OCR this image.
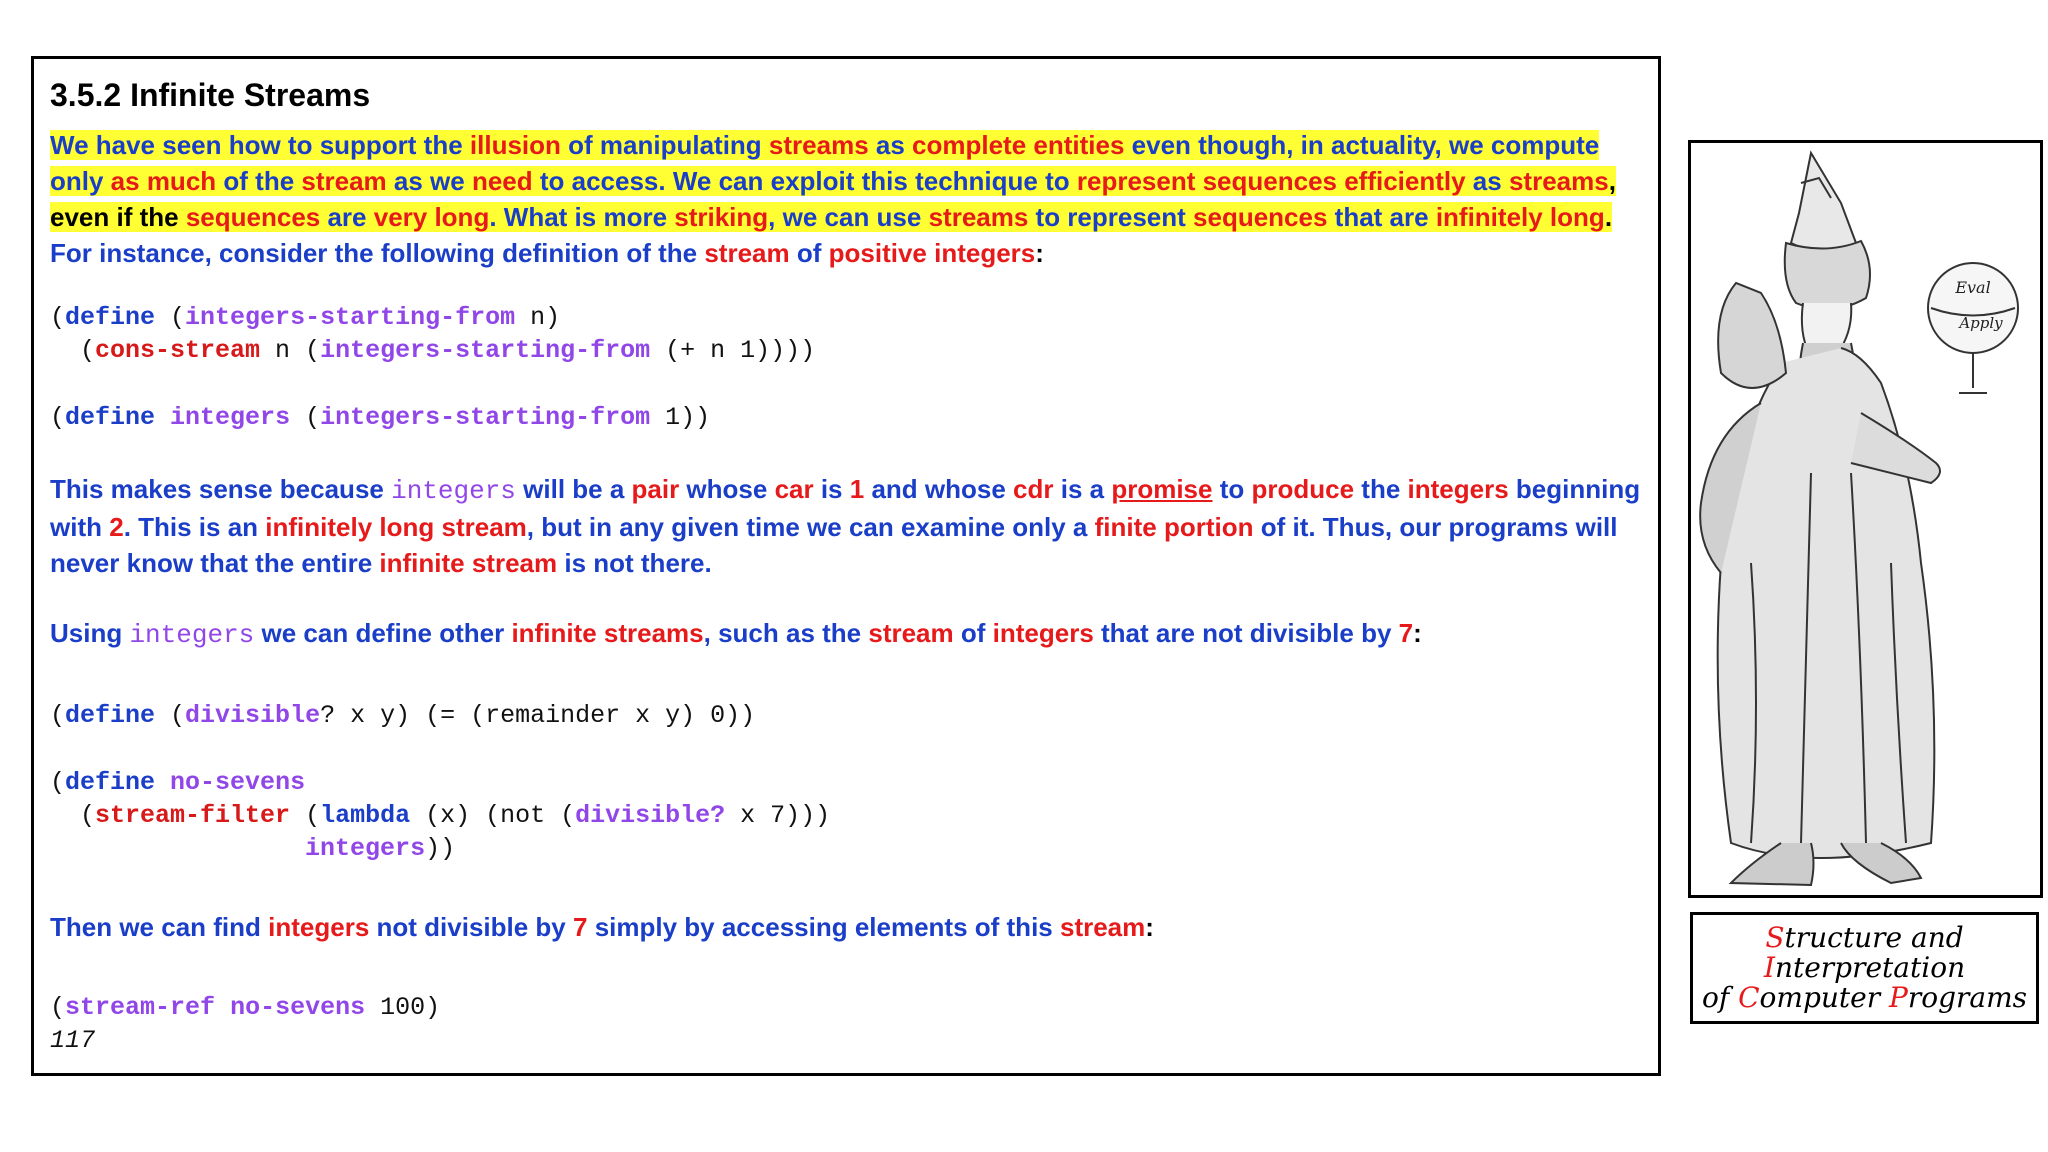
3.5.2 Infinite Streams
We have seen how to support the illusion of manipulating streams as complete entities even though, in actuality, we compute only as much of the stream as we need to access. We can exploit this technique to represent sequences efficiently as streams, even if the sequences are very long. What is more striking, we can use streams to represent sequences that are infinitely long.
For instance, consider the following definition of the stream of positive integers:
(define (integers-starting-from n)
(cons-stream n (integers-starting-from (+ n 1))))
(define integers (integers-starting-from 1))
This makes sense because integers will be a pair whose car is 1 and whose cdr is a promise to produce the integers beginning with 2. This is an infinitely long stream, but in any given time we can examine only a finite portion of it. Thus, our programs will never know that the entire infinite stream is not there.
Using integers we can define other infinite streams, such as the stream of integers that are not divisible by 7:
(define (divisible? x y) (= (remainder x y) 0))
(define no-sevens
(stream-filter (lambda (x) (not (divisible? x 7)))
integers))
Then we can find integers not divisible by 7 simply by accessing elements of this stream:
(stream-ref no-sevens 100)
117
Eval
Apply
Structure and
Interpretation
of Computer Programs
